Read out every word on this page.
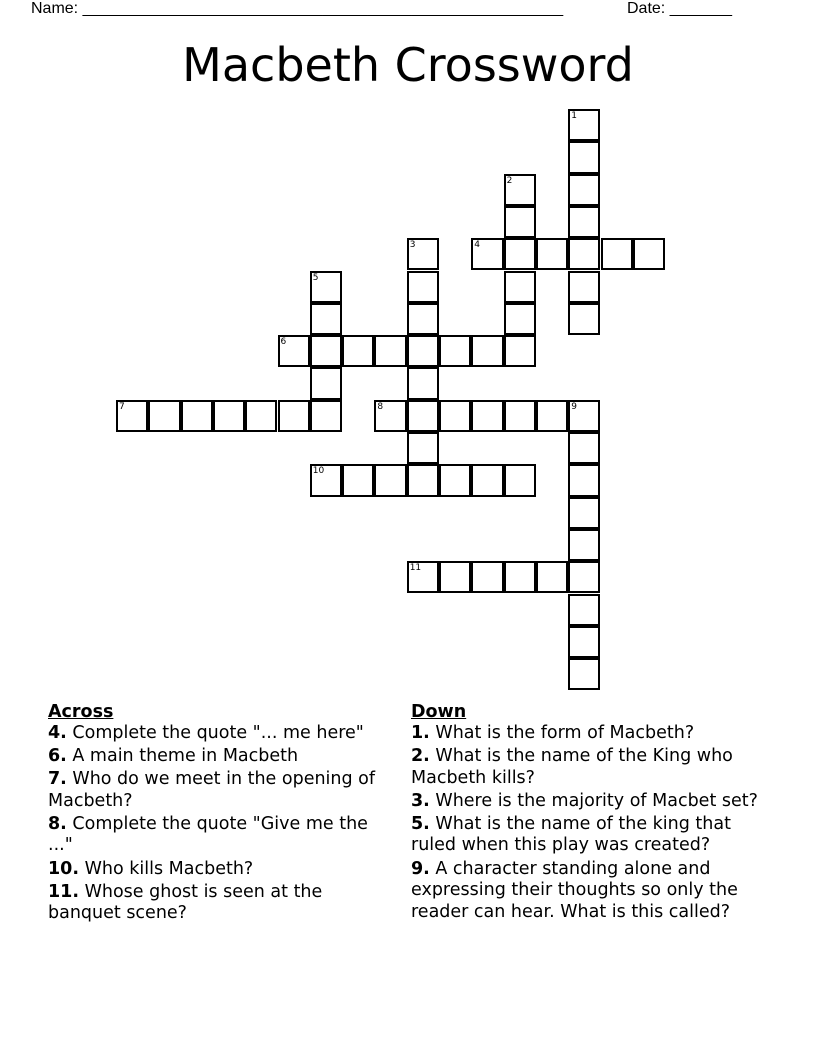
Name: ______________________________________________________	Date: _______
Macbeth Crossword
1
2
3	4
5
6
7	8	9
10
11
Across
4. Complete the quote "... me here"
6. A main theme in Macbeth
7. Who do we meet in the opening of Macbeth?
8. Complete the quote "Give me the ..."
10. Who kills Macbeth?
11. Whose ghost is seen at the banquet scene?
Down
1. What is the form of Macbeth?
2. What is the name of the King who Macbeth kills?
3. Where is the majority of Macbet set?
5. What is the name of the king that ruled when this play was created?
9. A character standing alone and expressing their thoughts so only the reader can hear. What is this called?
